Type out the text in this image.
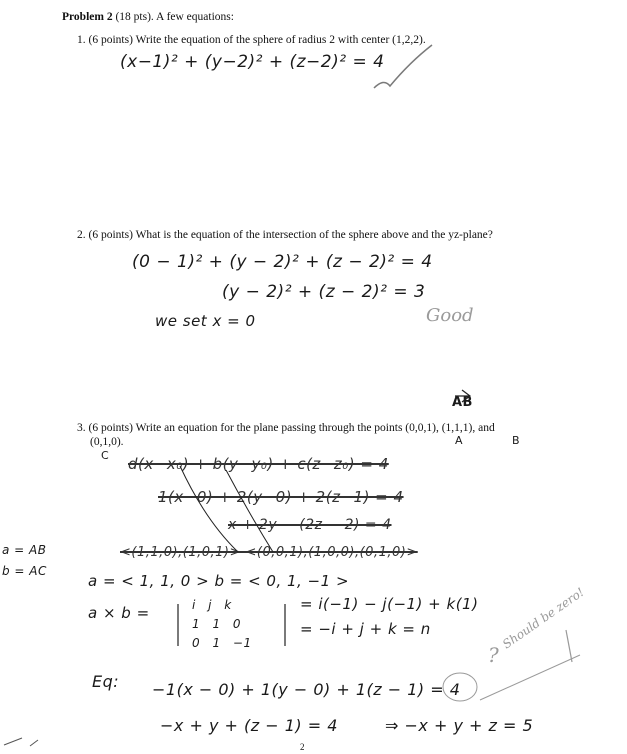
Problem 2 (18 pts). A few equations:
1. (6 points) Write the equation of the sphere of radius 2 with center (1,2,2).
(x−1)² + (y−2)² + (z−2)² = 4
2. (6 points) What is the equation of the intersection of the sphere above and the yz-plane?
(0 − 1)² + (y − 2)² + (z − 2)² = 4
(y − 2)² + (z − 2)² = 3
we set x = 0	Good
AB
3. (6 points) Write an equation for the plane passing through the points (0,0,1), (1,1,1), and
(0,1,0).	A	B
C d(x−x₀) + b(y−y₀) + c(z−z₀) = 4
1(x−0) + 2(y−0) + 2(z−1) = 4
x + 2y − (2z − 2) = 4
<(1,1,0),(1,0,1)> <(0,0,1),(1,0,0),(0,1,0)>
a = AB
b = AC
a = < 1, 1, 0 > b = < 0, 1, −1 >
a × b =	i j k
1 1 0
0 1 −1
= i(−1) − j(−1) + k(1)
= −i + j + k = n
Eq: −1(x − 0) + 1(y − 0) + 1(z − 1) = 4
−x + y + (z − 1) = 4	⇒ −x + y + z = 5
Should be zero!
?
2
